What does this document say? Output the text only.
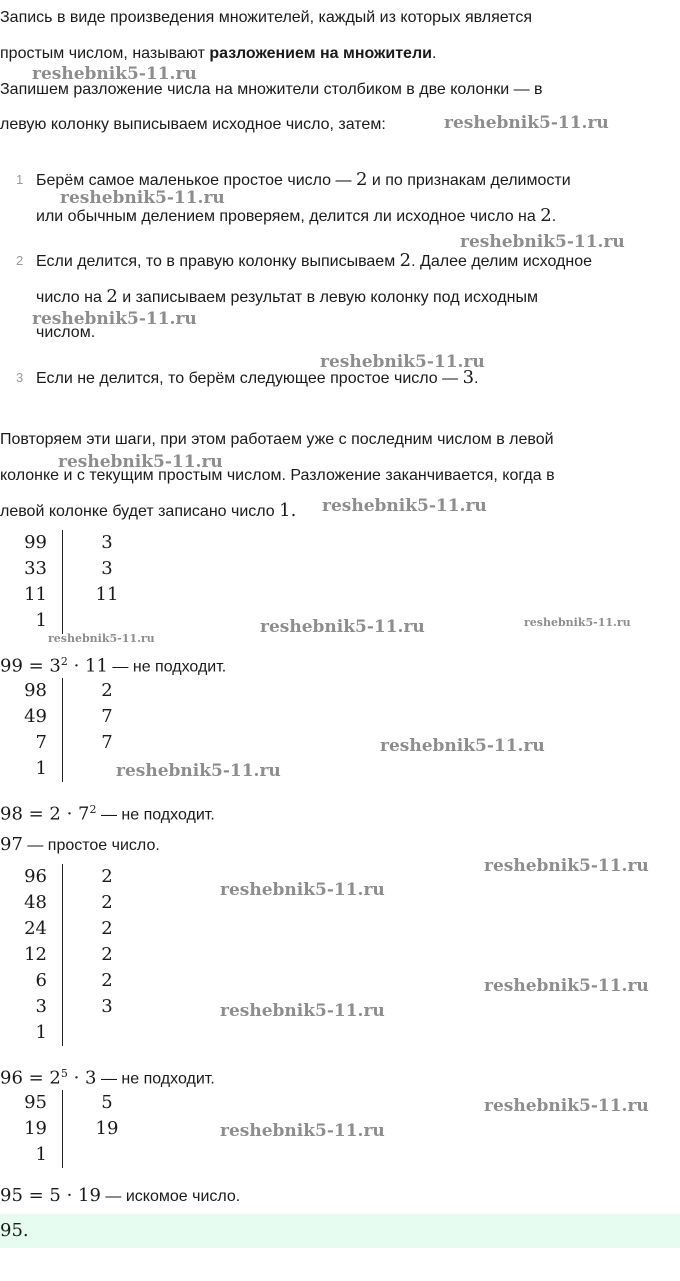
Запись в виде произведения множителей, каждый из которых является
простым числом, называют разложением на множители.
Запишем разложение числа на множители столбиком в две колонки — в
левую колонку выписываем исходное число, затем:
1 Берём самое маленькое простое число — 2 и по признакам делимости
или обычным делением проверяем, делится ли исходное число на 2.
2 Если делится, то в правую колонку выписываем 2. Далее делим исходное
число на 2 и записываем результат в левую колонку под исходным
числом.
3 Если не делится, то берём следующее простое число — 3.
Повторяем эти шаги, при этом работаем уже с последним числом в левой
колонке и с текущим простым числом. Разложение заканчивается, когда в
левой колонке будет записано число 1.
99	3
33	3
11	11
1
$99 = 3^2 \cdot 11$ — не подходит.
98	2
49	7
7	7
1
$98 = 2 \cdot 7^2$ — не подходит.
97 — простое число.
96	2
48	2
24	2
12	2
6	2
3	3
1
$96 = 2^5 \cdot 3$ — не подходит.
95	5
19	19
1
95 = 5 · 19 — искомое число.
95.
reshebnik5-11.ru
reshebnik5-11.ru
reshebnik5-11.ru
reshebnik5-11.ru
reshebnik5-11.ru
reshebnik5-11.ru
reshebnik5-11.ru
reshebnik5-11.ru
reshebnik5-11.ru	reshebnik5-11.ru
reshebnik5-11.ru
reshebnik5-11.ru
reshebnik5-11.ru
reshebnik5-11.ru
reshebnik5-11.ru
reshebnik5-11.ru
reshebnik5-11.ru
reshebnik5-11.ru
reshebnik5-11.ru
